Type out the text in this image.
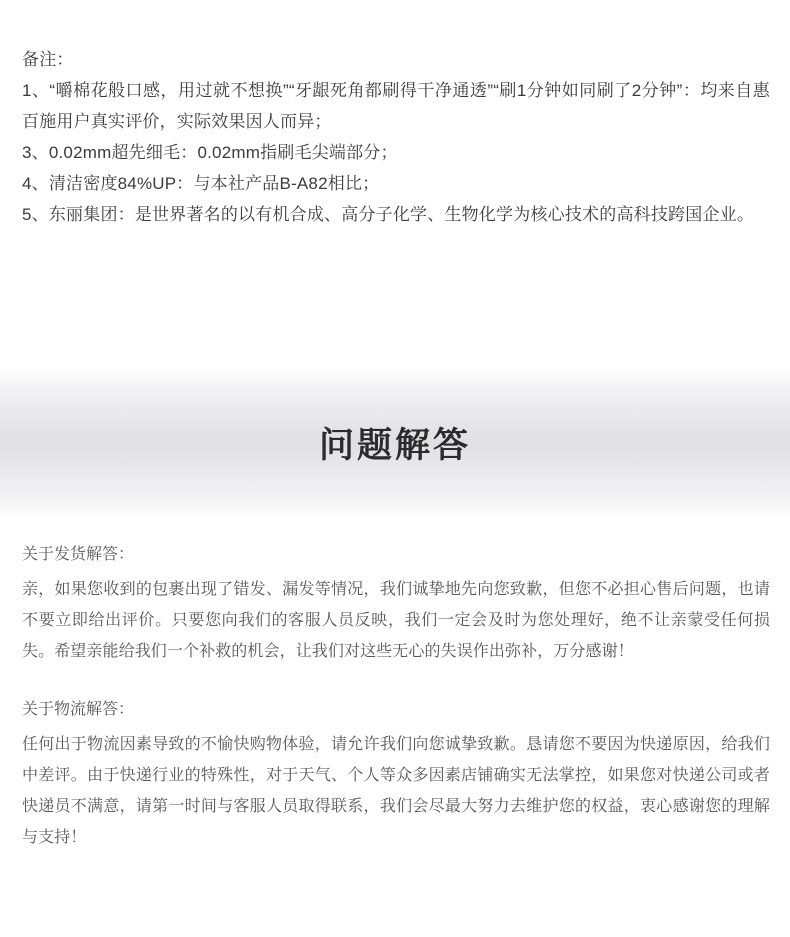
备注：
1、“嚼棉花般口感，用过就不想换”“牙龈死角都刷得干净通透”“刷1分钟如同刷了2分钟”：均来自惠百施用户真实评价，实际效果因人而异；
3、0.02mm超先细毛：0.02mm指刷毛尖端部分；
4、清洁密度84%UP：与本社产品B-A82相比；
5、东丽集团：是世界著名的以有机合成、高分子化学、生物化学为核心技术的高科技跨国企业。
问题解答
关于发货解答：
亲，如果您收到的包裹出现了错发、漏发等情况，我们诚挚地先向您致歉，但您不必担心售后问题，也请不要立即给出评价。只要您向我们的客服人员反映，我们一定会及时为您处理好，绝不让亲蒙受任何损失。希望亲能给我们一个补救的机会，让我们对这些无心的失误作出弥补，万分感谢！
关于物流解答：
任何出于物流因素导致的不愉快购物体验，请允许我们向您诚挚致歉。恳请您不要因为快递原因，给我们中差评。由于快递行业的特殊性，对于天气、个人等众多因素店铺确实无法掌控，如果您对快递公司或者快递员不满意，请第一时间与客服人员取得联系，我们会尽最大努力去维护您的权益，衷心感谢您的理解与支持！
